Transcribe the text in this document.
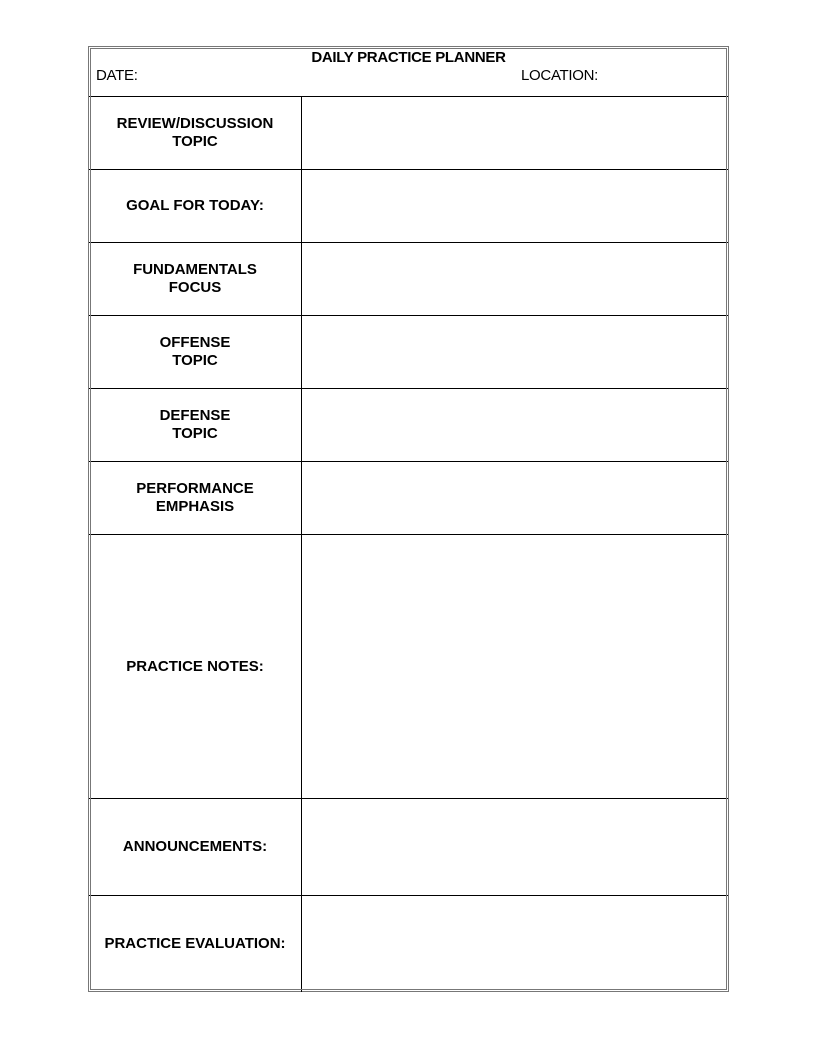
DAILY PRACTICE PLANNER
DATE:	LOCATION:
REVIEW/DISCUSSION
TOPIC
GOAL FOR TODAY:
FUNDAMENTALS
FOCUS
OFFENSE
TOPIC
DEFENSE
TOPIC
PERFORMANCE
EMPHASIS
PRACTICE NOTES:
ANNOUNCEMENTS:
PRACTICE EVALUATION:
